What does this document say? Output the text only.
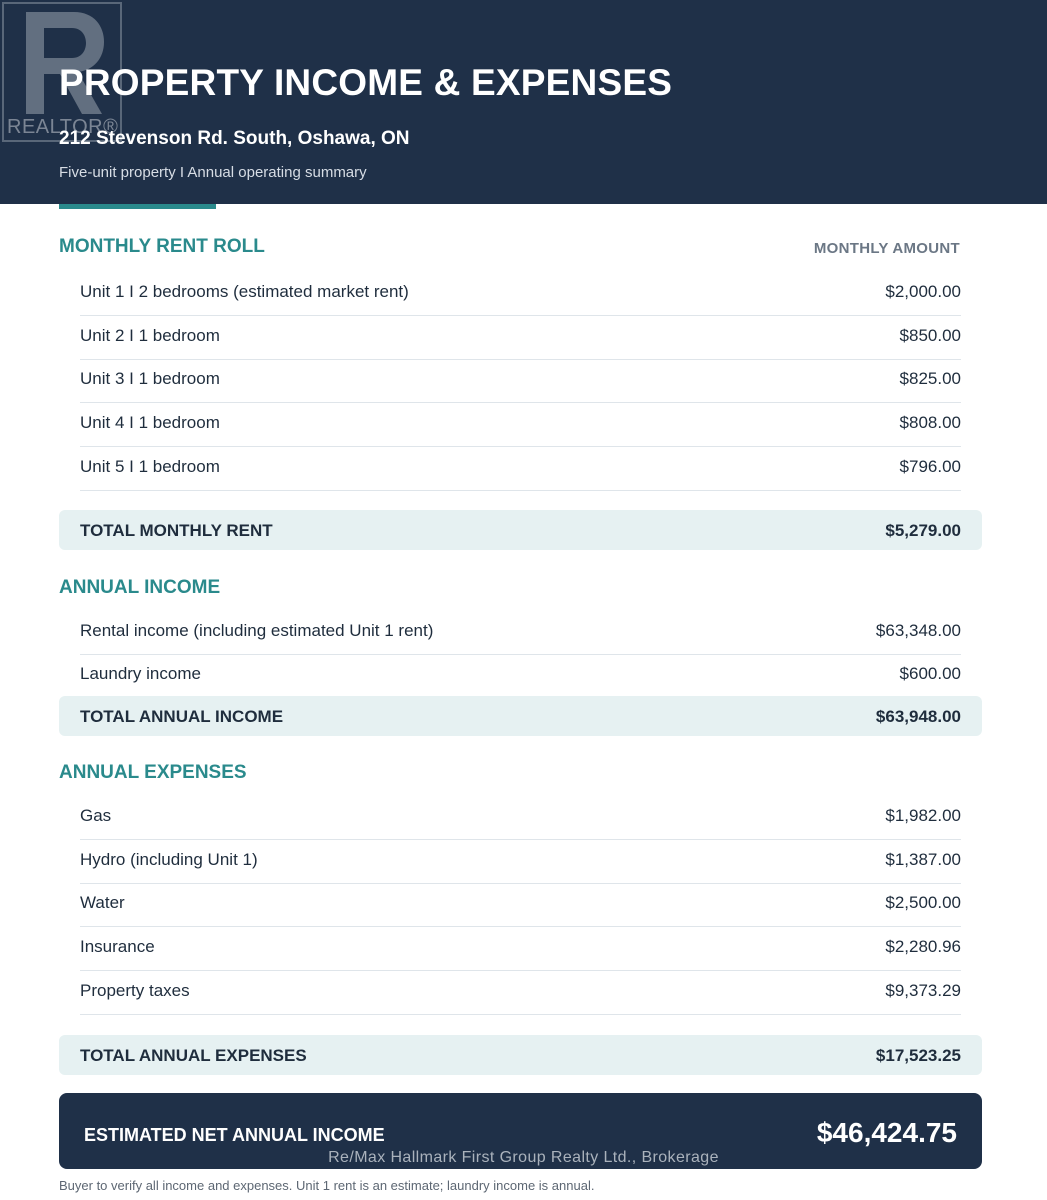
REALTOR®
PROPERTY INCOME & EXPENSES
212 Stevenson Rd. South, Oshawa, ON
Five-unit property I Annual operating summary
MONTHLY RENT ROLL	MONTHLY AMOUNT
Unit 1 I 2 bedrooms (estimated market rent)	$2,000.00
Unit 2 I 1 bedroom	$850.00
Unit 3 I 1 bedroom	$825.00
Unit 4 I 1 bedroom	$808.00
Unit 5 I 1 bedroom	$796.00
TOTAL MONTHLY RENT	$5,279.00
ANNUAL INCOME
Rental income (including estimated Unit 1 rent)	$63,348.00
Laundry income	$600.00
TOTAL ANNUAL INCOME	$63,948.00
ANNUAL EXPENSES
Gas	$1,982.00
Hydro (including Unit 1)	$1,387.00
Water	$2,500.00
Insurance	$2,280.96
Property taxes	$9,373.29
TOTAL ANNUAL EXPENSES	$17,523.25
ESTIMATED NET ANNUAL INCOME	$46,424.75
Re/Max Hallmark First Group Realty Ltd., Brokerage
Buyer to verify all income and expenses. Unit 1 rent is an estimate; laundry income is annual.
